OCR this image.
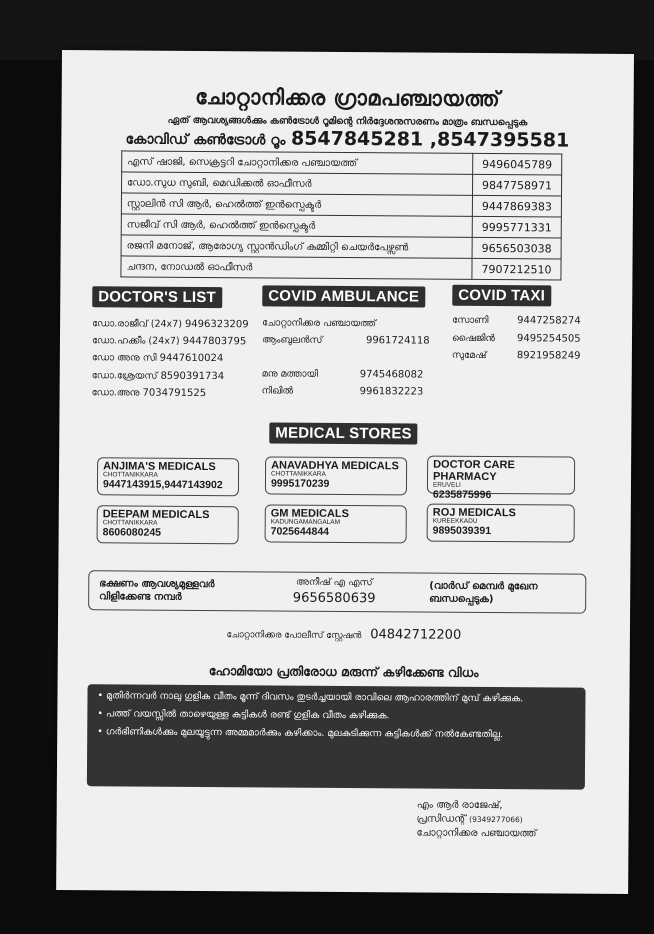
ചോറ്റാനിക്കര ഗ്രാമപഞ്ചായത്ത്
ഏത് ആവശ്യങ്ങൾക്കും കൺട്രോൾ റൂമിന്റെ നിർദ്ദേശനുസരണം മാത്രം ബന്ധപ്പെടുക
കോവിഡ് കൺട്രോൾ റൂം 8547845281 ,8547395581
എസ് ഷാജി, സെക്രട്ടറി ചോറ്റാനിക്കര പഞ്ചായത്ത്	9496045789
ഡോ.സുധ സുബി, മെഡിക്കൽ ഓഫീസർ	9847758971
സ്റ്റാലിൻ സി ആർ, ഹെൽത്ത് ഇൻസ്പെക്ടർ	9447869383
സജീവ് സി ആർ, ഹെൽത്ത് ഇൻസ്പെക്ടർ	9995771331
രജനി മനോജ്, ആരോഗ്യ സ്റ്റാൻഡിംഗ് കമ്മിറ്റി ചെയർപേഴ്സൺ	9656503038
ചന്ദന, നോഡൽ ഓഫീസർ	7907212510
DOCTOR'S LIST	COVID AMBULANCE	COVID TAXI
ഡോ.രാജീവ് (24x7) 9496323209
ഡോ.ഹക്കീം (24x7) 9447803795
ഡോ അനു സി 9447610024
ഡോ.ശ്രേയസ് 8590391734
ഡോ.അനു 7034791525
ചോറ്റാനിക്കര പഞ്ചായത്ത്
ആംബുലൻസ്	9961724118
മനു മത്തായി	9745468082
നിഖിൽ	9961832223
സോണി	9447258274
ഷൈജിൻ 9495254505
സുമേഷ്	8921958249
MEDICAL STORES
ANJIMA'S MEDICALS
CHOTTANIKKARA
9447143915,9447143902
ANAVADHYA MEDICALS
CHOTTANIKKARA
9995170239
DOCTOR CARE PHARMACY
ERUVELI
6235875996
DEEPAM MEDICALS
CHOTTANIKKARA
8606080245
GM MEDICALS
KADUNGAMANGALAM
7025644844
ROJ MEDICALS
KUREEKKADU
9895039391
ഭക്ഷണം ആവശ്യമുള്ളവർ വിളിക്കേണ്ട നമ്പർ
അനീഷ് എ എസ്
9656580639
(വാർഡ് മെമ്പർ മുഖേന ബന്ധപ്പെടുക)
ചോറ്റാനിക്കര പോലീസ് സ്റ്റേഷൻ 04842712200
ഹോമിയോ പ്രതിരോധ മരുന്ന് കഴിക്കേണ്ട വിധം
• മുതിർന്നവർ നാലു ഗുളിക വീതം മൂന്ന് ദിവസം തുടർച്ചയായി രാവിലെ ആഹാരത്തിന് മുമ്പ് കഴിക്കുക.
• പത്ത് വയസ്സിൽ താഴെയുള്ള കുട്ടികൾ രണ്ട് ഗുളിക വീതം കഴിക്കുക.
• ഗർഭിണികൾക്കും മുലയൂട്ടുന്ന അമ്മമാർക്കും കഴിക്കാം. മുലകുടിക്കുന്ന കുട്ടികൾക്ക് നൽകേണ്ടതില്ല.
എം ആർ രാജേഷ്,
പ്രസിഡന്റ് (9349277066)
ചോറ്റാനിക്കര പഞ്ചായത്ത്
